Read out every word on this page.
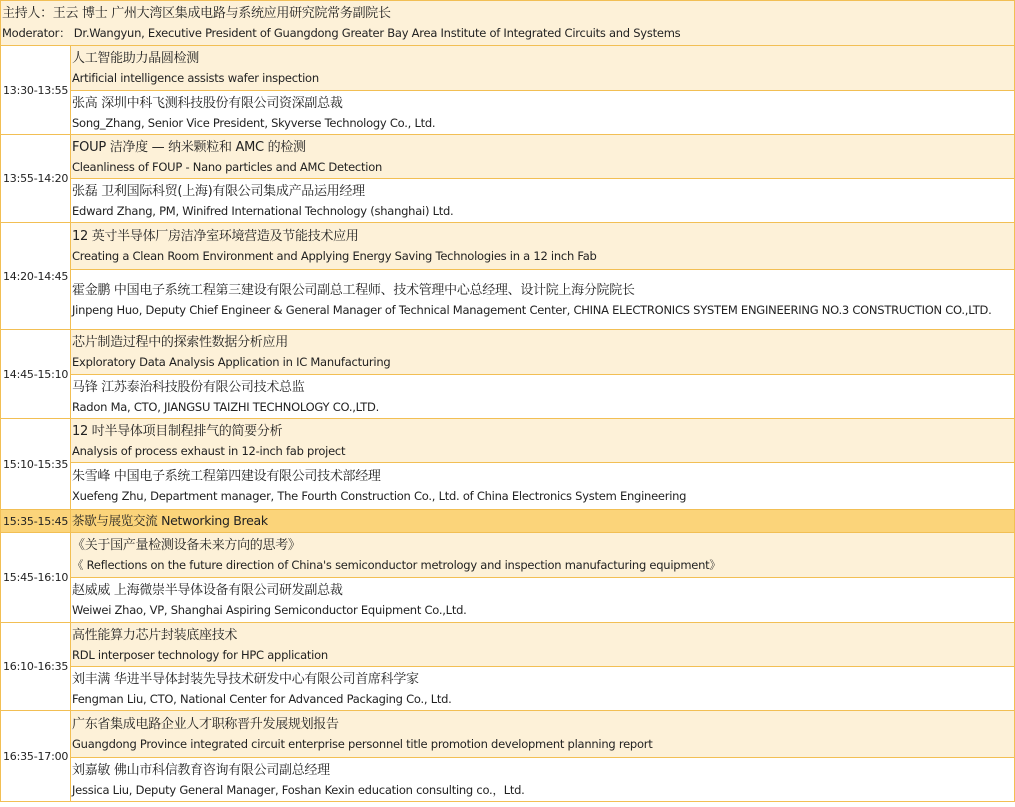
主持人：王云 博士 广州大湾区集成电路与系统应用研究院常务副院长
Moderator： Dr.Wangyun, Executive President of Guangdong Greater Bay Area Institute of Integrated Circuits and Systems	

13:30-13:55	人工智能助力晶圆检测
Artificial intelligence assists wafer inspection

	张高 深圳中科飞测科技股份有限公司资深副总裁
Song_Zhang, Senior Vice President, Skyverse Technology Co., Ltd.

13:55-14:20	FOUP 洁净度 — 纳米颗粒和 AMC 的检测
Cleanliness of FOUP - Nano particles and AMC Detection

	张磊 卫利国际科贸(上海)有限公司集成产品运用经理
Edward Zhang, PM, Winifred International Technology (shanghai) Ltd.

14:20-14:45	12 英寸半导体厂房洁净室环境营造及节能技术应用
Creating a Clean Room Environment and Applying Energy Saving Technologies in a 12 inch Fab

	霍金鹏 中国电子系统工程第三建设有限公司副总工程师、技术管理中心总经理、设计院上海分院院长
Jinpeng Huo, Deputy Chief Engineer & General Manager of Technical Management Center, CHINA ELECTRONICS SYSTEM ENGINEERING NO.3 CONSTRUCTION CO.,LTD.

14:45-15:10	芯片制造过程中的探索性数据分析应用
Exploratory Data Analysis Application in IC Manufacturing

	马锋 江苏泰治科技股份有限公司技术总监
Radon Ma, CTO, JIANGSU TAIZHI TECHNOLOGY CO.,LTD.

15:10-15:35	12 吋半导体项目制程排气的简要分析
Analysis of process exhaust in 12-inch fab project

	朱雪峰 中国电子系统工程第四建设有限公司技术部经理
Xuefeng Zhu, Department manager, The Fourth Construction Co., Ltd. of China Electronics System Engineering

15:35-15:45	茶歇与展览交流 Networking Break

15:45-16:10	《关于国产量检测设备未来方向的思考》
《 Reflections on the future direction of China's semiconductor metrology and inspection manufacturing equipment》

	赵威威 上海微崇半导体设备有限公司研发副总裁
Weiwei Zhao, VP, Shanghai Aspiring Semiconductor Equipment Co.,Ltd.

16:10-16:35	高性能算力芯片封装底座技术
RDL interposer technology for HPC application

	刘丰满 华进半导体封装先导技术研发中心有限公司首席科学家
Fengman Liu, CTO, National Center for Advanced Packaging Co., Ltd.

16:35-17:00	广东省集成电路企业人才职称晋升发展规划报告
Guangdong Province integrated circuit enterprise personnel title promotion development planning report

	刘嘉敏 佛山市科信教育咨询有限公司副总经理
Jessica Liu, Deputy General Manager, Foshan Kexin education consulting co.，Ltd.
